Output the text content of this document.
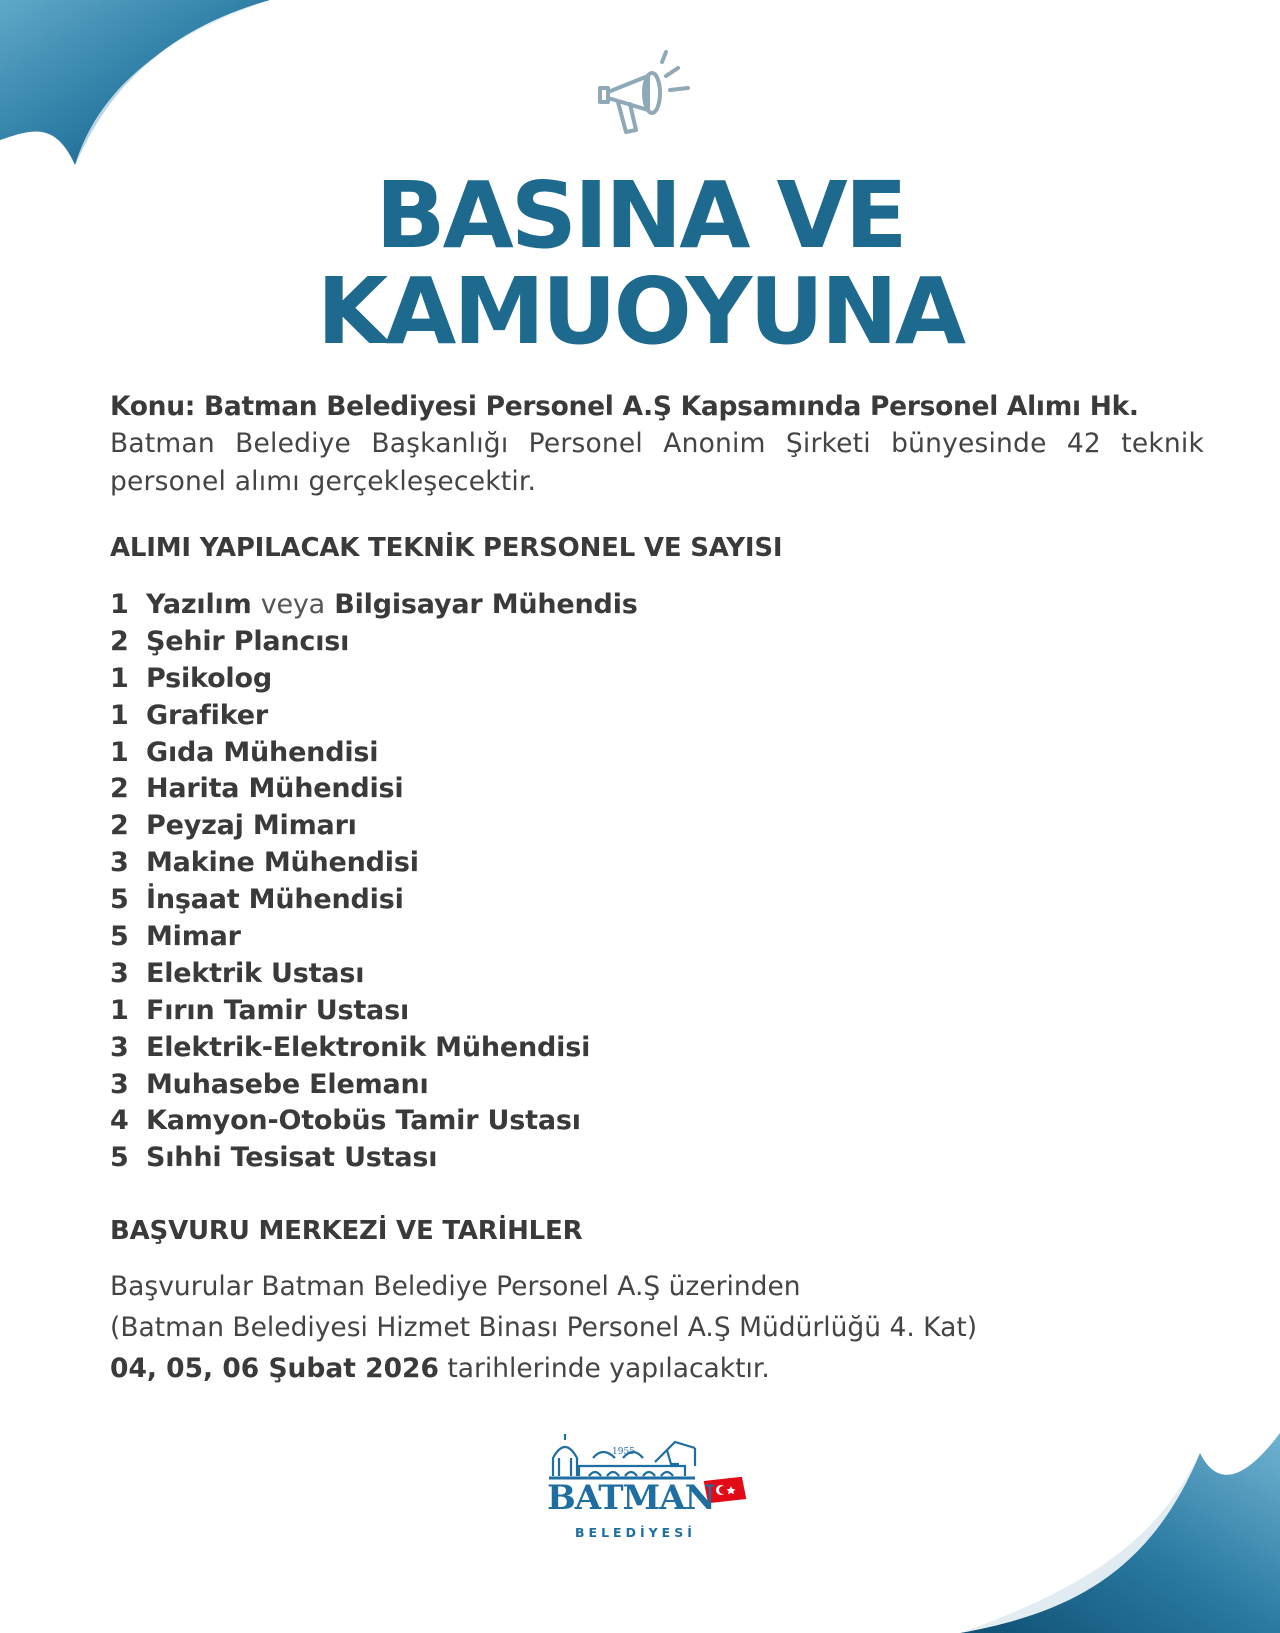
BASINA VE
KAMUOYUNA
Konu: Batman Belediyesi Personel A.Ş Kapsamında Personel Alımı Hk.

Batman Belediye Başkanlığı Personel Anonim Şirketi bünyesinde 42 teknik personel alımı gerçekleşecektir.

ALIMI YAPILACAK TEKNİK PERSONEL VE SAYISI
1 Yazılım veya Bilgisayar Mühendis
2 Şehir Plancısı
1 Psikolog
1 Grafiker
1 Gıda Mühendisi
2 Harita Mühendisi
2 Peyzaj Mimarı
3 Makine Mühendisi
5 İnşaat Mühendisi
5 Mimar
3 Elektrik Ustası
1 Fırın Tamir Ustası
3 Elektrik-Elektronik Mühendisi
3 Muhasebe Elemanı
4 Kamyon-Otobüs Tamir Ustası
5 Sıhhi Tesisat Ustası
BAŞVURU MERKEZİ VE TARİHLER
Başvurular Batman Belediye Personel A.Ş üzerinden
(Batman Belediyesi Hizmet Binası Personel A.Ş Müdürlüğü 4. Kat)
04, 05, 06 Şubat 2026 tarihlerinde yapılacaktır.
1955
BATMAN
BELEDİYESİ
